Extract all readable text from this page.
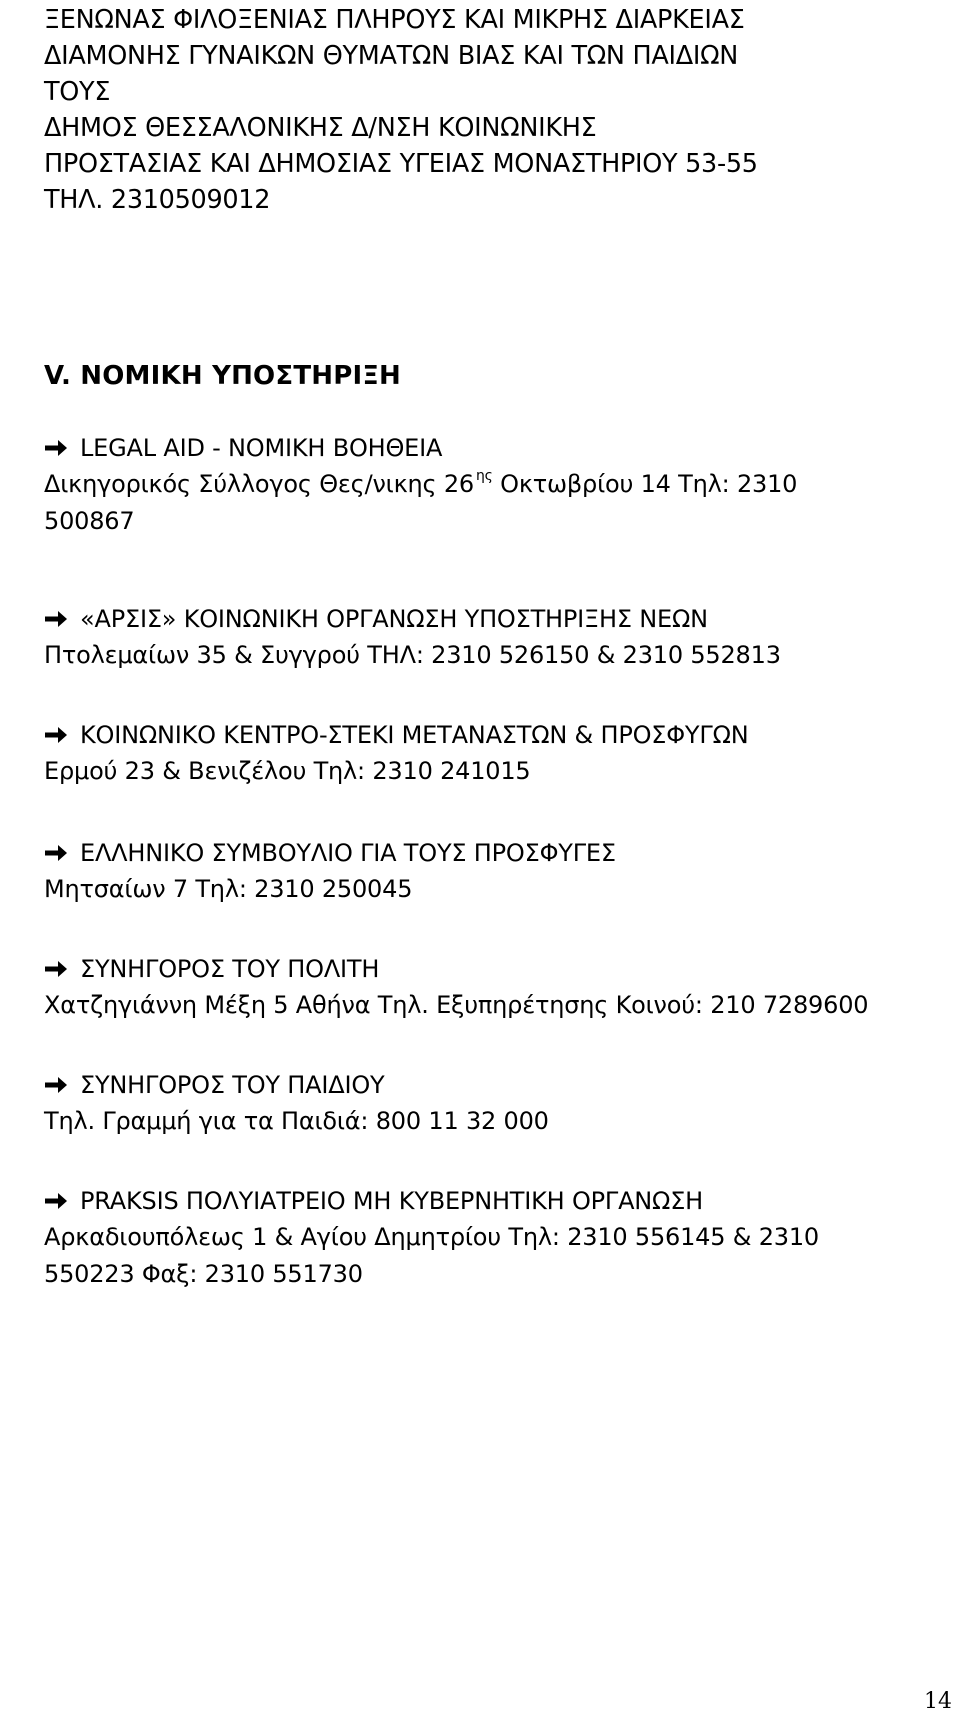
ΞΕΝΩΝΑΣ ΦΙΛΟΞΕΝΙΑΣ ΠΛΗΡΟΥΣ ΚΑΙ ΜΙΚΡΗΣ ΔΙΑΡΚΕΙΑΣ
ΔΙΑΜΟΝΗΣ ΓΥΝΑΙΚΩΝ ΘΥΜΑΤΩΝ ΒΙΑΣ ΚΑΙ ΤΩΝ ΠΑΙΔΙΩΝ
ΤΟΥΣ
ΔΗΜΟΣ ΘΕΣΣΑΛΟΝΙΚΗΣ Δ/ΝΣΗ ΚΟΙΝΩΝΙΚΗΣ
ΠΡΟΣΤΑΣΙΑΣ ΚΑΙ ΔΗΜΟΣΙΑΣ ΥΓΕΙΑΣ ΜΟΝΑΣΤΗΡΙΟΥ 53-55
ΤΗΛ. 2310509012
V. ΝΟΜΙΚΗ ΥΠΟΣΤΗΡΙΞΗ
LEGAL AID - ΝΟΜΙΚΗ ΒΟΗΘΕΙΑ
Δικηγορικός Σύλλογος Θες/νικης 26 $^{\eta\varsigma}$ Οκτωβρίου 14 Τηλ: 2310
500867
«ΑΡΣΙΣ» ΚΟΙΝΩΝΙΚΗ ΟΡΓΑΝΩΣΗ ΥΠΟΣΤΗΡΙΞΗΣ ΝΕΩΝ
Πτολεμαίων 35 & Συγγρού ΤΗΛ: 2310 526150 & 2310 552813
ΚΟΙΝΩΝΙΚΟ ΚΕΝΤΡΟ-ΣΤΕΚΙ ΜΕΤΑΝΑΣΤΩΝ & ΠΡΟΣΦΥΓΩΝ
Ερμού 23 & Βενιζέλου Τηλ: 2310 241015
ΕΛΛΗΝΙΚΟ ΣΥΜΒΟΥΛΙΟ ΓΙΑ ΤΟΥΣ ΠΡΟΣΦΥΓΕΣ
Μητσαίων 7 Τηλ: 2310 250045
ΣΥΝΗΓΟΡΟΣ ΤΟΥ ΠΟΛΙΤΗ
Χατζηγιάννη Μέξη 5 Αθήνα Τηλ. Εξυπηρέτησης Κοινού: 210 7289600
ΣΥΝΗΓΟΡΟΣ ΤΟΥ ΠΑΙΔΙΟΥ
Τηλ. Γραμμή για τα Παιδιά: 800 11 32 000
PRAKSIS ΠΟΛΥΙΑΤΡΕΙΟ ΜΗ ΚΥΒΕΡΝΗΤΙΚΗ ΟΡΓΑΝΩΣΗ
Αρκαδιουπόλεως 1 & Αγίου Δημητρίου Τηλ: 2310 556145 & 2310
550223 Φαξ: 2310 551730
14
